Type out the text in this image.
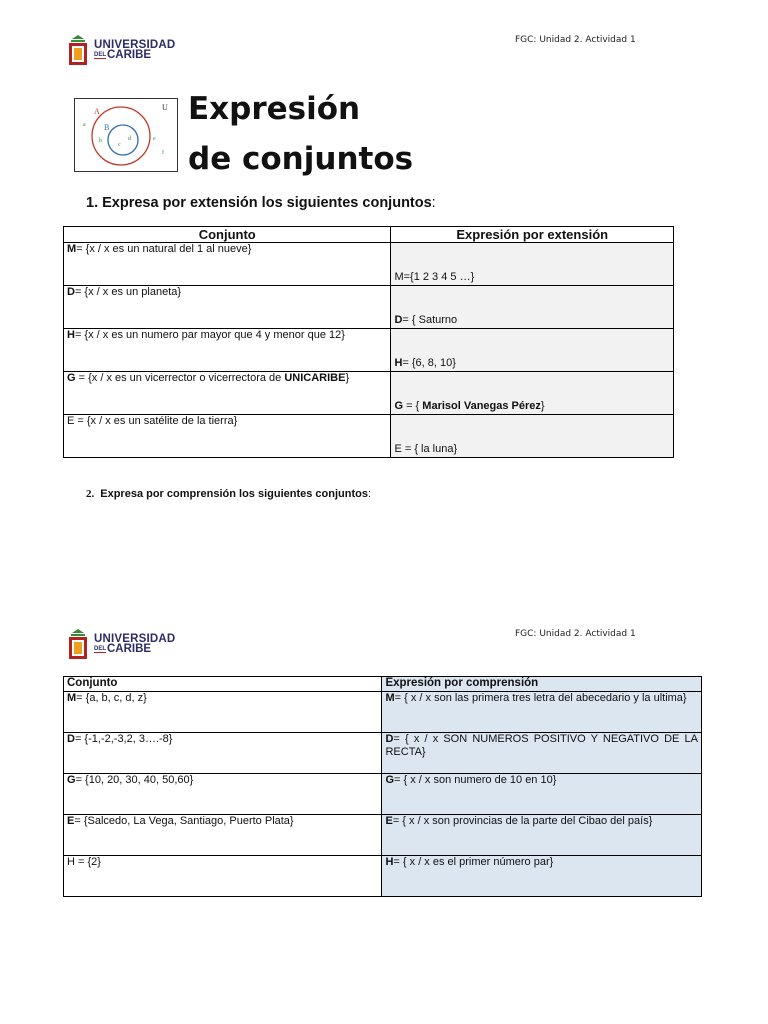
UNIVERSIDAD
DELCARIBE
FGC: Unidad 2. Actividad 1
A	U
B
a
b
c
d	e
f
Expresión
de conjuntos
1. Expresa por extensión los siguientes conjuntos:
Conjunto	Expresión por extensión
M= {x / x es un natural del 1 al nueve}	M={1 2 3 4 5 …}
D= {x / x es un planeta}	D= { Saturno
H= {x / x es un numero par mayor que 4 y menor que 12}	H= {6, 8, 10}
G = {x / x es un vicerrector o vicerrectora de UNICARIBE}	G = { Marisol Vanegas Pérez}
E = {x / x es un satélite de la tierra}	E = { la luna}
2. Expresa por comprensión los siguientes conjuntos:
UNIVERSIDAD
DELCARIBE
FGC: Unidad 2. Actividad 1
Conjunto	Expresión por comprensión
M= {a, b, c, d, z}	M= { x / x son las primera tres letra del abecedario y la ultima}
D= {-1,-2,-3,2, 3….-8}	D= { x / x SON NUMEROS POSITIVO Y NEGATIVO DE LA RECTA}
G= {10, 20, 30, 40, 50,60}	G= { x / x son numero de 10 en 10}
E= {Salcedo, La Vega, Santiago, Puerto Plata}	E= { x / x son provincias de la parte del Cibao del país}
H = {2}	H= { x / x es el primer número par}
